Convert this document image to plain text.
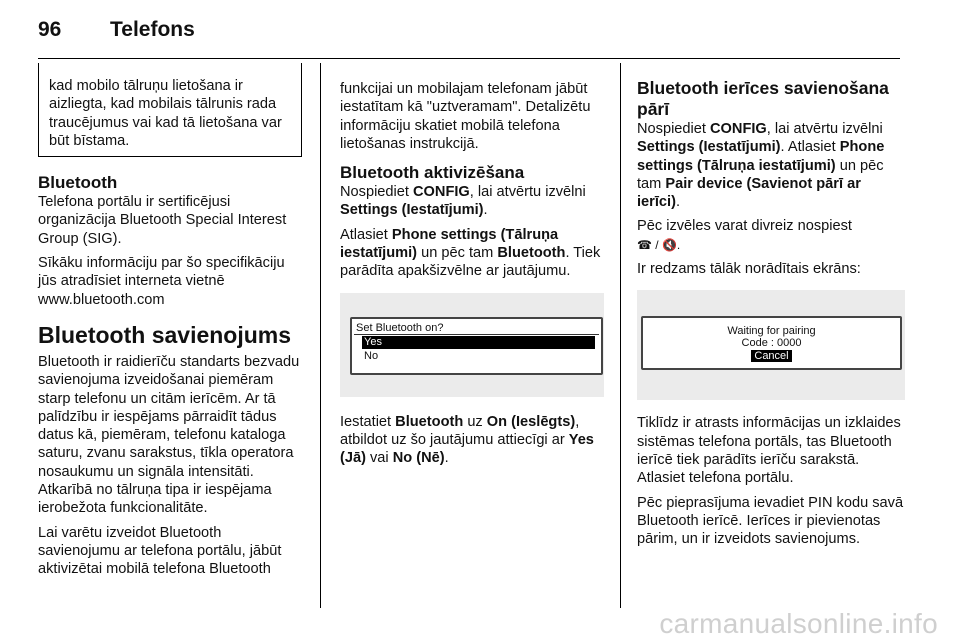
96 Telefons
kad mobilo tālruņu lietošana ir aizliegta, kad mobilais tālrunis rada traucējumus vai kad tā lietošana var būt bīstama.
Bluetooth

Telefona portālu ir sertificējusi organizācija Bluetooth Special Interest Group (SIG).

Sīkāku informāciju par šo specifikāciju jūs atradīsiet interneta vietnē www.bluetooth.com

Bluetooth savienojums

Bluetooth ir raidierīču standarts bezvadu savienojuma izveidošanai piemēram starp telefonu un citām ierīcēm. Ar tā palīdzību ir iespējams pārraidīt tādus datus kā, piemēram, telefonu kataloga saturu, zvanu sarakstus, tīkla operatora nosaukumu un signāla intensitāti. Atkarībā no tālruņa tipa ir iespējama ierobežota funkcionalitāte.

Lai varētu izveidot Bluetooth savienojumu ar telefona portālu, jābūt aktivizētai mobilā telefona Bluetooth

funkcijai un mobilajam telefonam jābūt iestatītam kā "uztveramam". Detalizētu informāciju skatiet mobilā telefona lietošanas instrukcijā.

Bluetooth aktivizēšana

Nospiediet CONFIG, lai atvērtu izvēlni Settings (Iestatījumi).

Atlasiet Phone settings (Tālruņa iestatījumi) un pēc tam Bluetooth. Tiek parādīta apakšizvēlne ar jautājumu.

Set Bluetooth on?
Yes
No

Iestatiet Bluetooth uz On (Ieslēgts), atbildot uz šo jautājumu attiecīgi ar Yes (Jā) vai No (Nē).

Bluetooth ierīces savienošana pārī

Nospiediet CONFIG, lai atvērtu izvēlni Settings (Iestatījumi). Atlasiet Phone settings (Tālruņa iestatījumi) un pēc tam Pair device (Savienot pārī ar ierīci).

Pēc izvēles varat divreiz nospiest
☎ / 🔇.

Ir redzams tālāk norādītais ekrāns:

Waiting for pairing
Code : 0000
Cancel

Tiklīdz ir atrasts informācijas un izklaides sistēmas telefona portāls, tas Bluetooth ierīcē tiek parādīts ierīču sarakstā. Atlasiet telefona portālu.

Pēc pieprasījuma ievadiet PIN kodu savā Bluetooth ierīcē. Ierīces ir pievienotas pārim, un ir izveidots savienojums.

carmanualsonline.info
